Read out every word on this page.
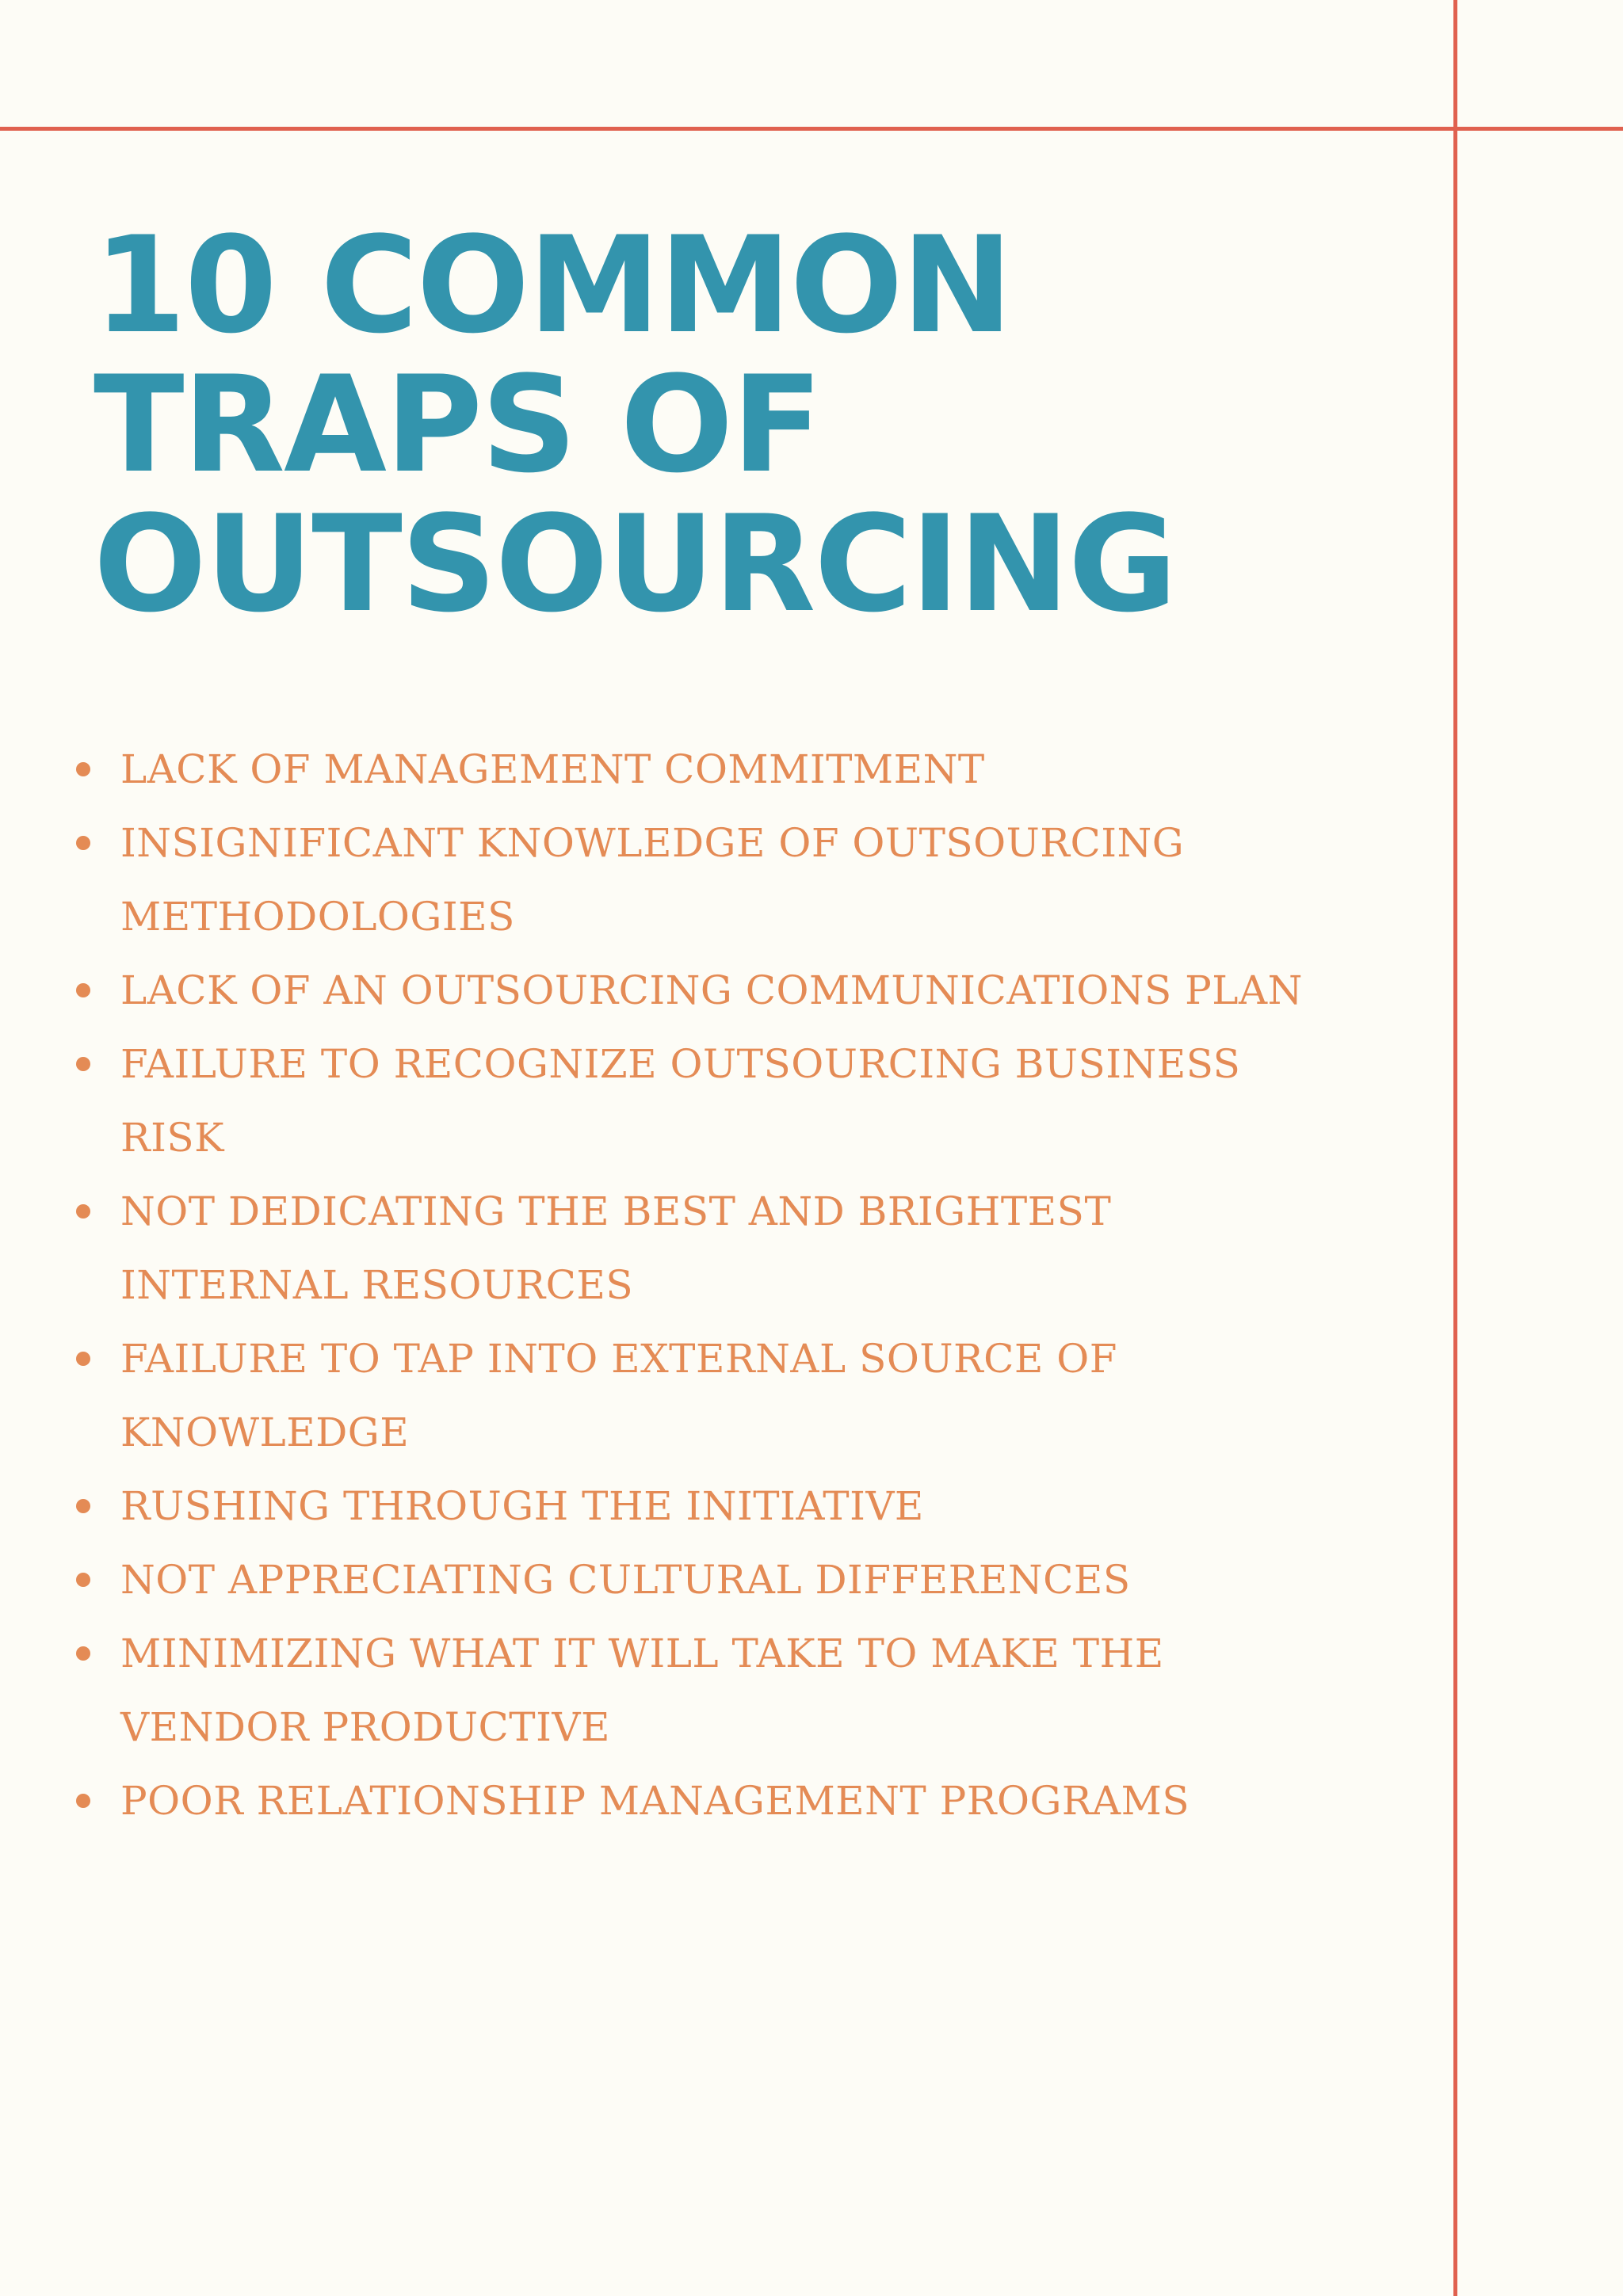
10 COMMON
TRAPS OF
OUTSOURCING
LACK OF MANAGEMENT COMMITMENT
INSIGNIFICANT KNOWLEDGE OF OUTSOURCING METHODOLOGIES
LACK OF AN OUTSOURCING COMMUNICATIONS PLAN
FAILURE TO RECOGNIZE OUTSOURCING BUSINESS RISK
NOT DEDICATING THE BEST AND BRIGHTEST INTERNAL RESOURCES
FAILURE TO TAP INTO EXTERNAL SOURCE OF KNOWLEDGE
RUSHING THROUGH THE INITIATIVE
NOT APPRECIATING CULTURAL DIFFERENCES
MINIMIZING WHAT IT WILL TAKE TO MAKE THE VENDOR PRODUCTIVE
POOR RELATIONSHIP MANAGEMENT PROGRAMS
